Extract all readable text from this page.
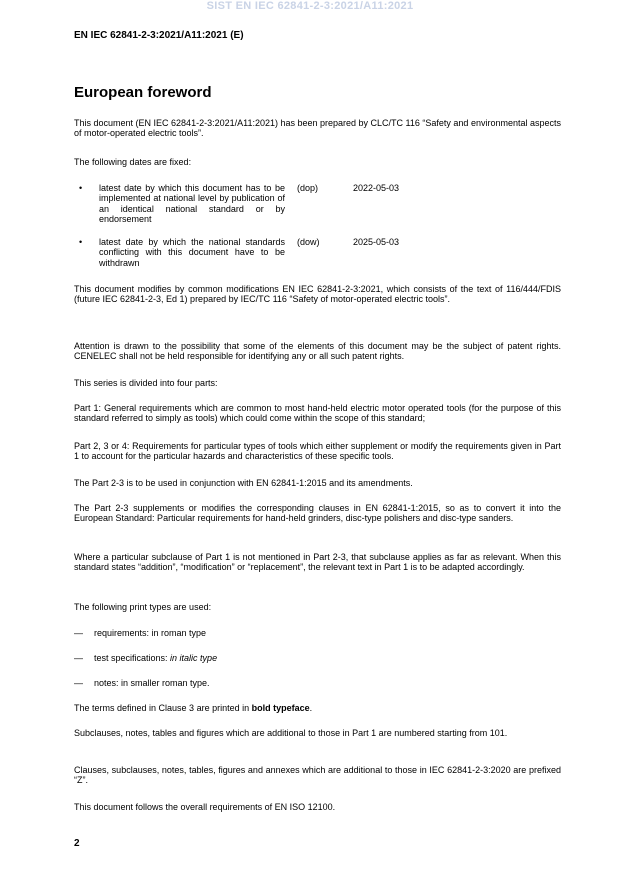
SIST EN IEC 62841-2-3:2021/A11:2021
EN IEC 62841-2-3:2021/A11:2021 (E)
European foreword
This document (EN IEC 62841-2-3:2021/A11:2021) has been prepared by CLC/TC 116 “Safety and environmental aspects of motor-operated electric tools”.
The following dates are fixed:
• latest date by which this document has to be implemented at national level by publication of an identical national standard or by endorsement
(dop)	2022-05-03
• latest date by which the national standards conflicting with this document have to be withdrawn
(dow)	2025-05-03
This document modifies by common modifications EN IEC 62841-2-3:2021, which consists of the text of 116/444/FDIS (future IEC 62841-2-3, Ed 1) prepared by IEC/TC 116 “Safety of motor-operated electric tools”.
Attention is drawn to the possibility that some of the elements of this document may be the subject of patent rights. CENELEC shall not be held responsible for identifying any or all such patent rights.
This series is divided into four parts:
Part 1: General requirements which are common to most hand-held electric motor operated tools (for the purpose of this standard referred to simply as tools) which could come within the scope of this standard;
Part 2, 3 or 4: Requirements for particular types of tools which either supplement or modify the requirements given in Part 1 to account for the particular hazards and characteristics of these specific tools.
The Part 2-3 is to be used in conjunction with EN 62841-1:2015 and its amendments.
The Part 2-3 supplements or modifies the corresponding clauses in EN 62841-1:2015, so as to convert it into the European Standard: Particular requirements for hand-held grinders, disc-type polishers and disc-type sanders.
Where a particular subclause of Part 1 is not mentioned in Part 2-3, that subclause applies as far as relevant. When this standard states “addition”, “modification” or “replacement”, the relevant text in Part 1 is to be adapted accordingly.
The following print types are used:
— requirements: in roman type
— test specifications: in italic type
— notes: in smaller roman type.
The terms defined in Clause 3 are printed in bold typeface.
Subclauses, notes, tables and figures which are additional to those in Part 1 are numbered starting from 101.
Clauses, subclauses, notes, tables, figures and annexes which are additional to those in IEC 62841-2-3:2020 are prefixed “Z”.
This document follows the overall requirements of EN ISO 12100.
2
